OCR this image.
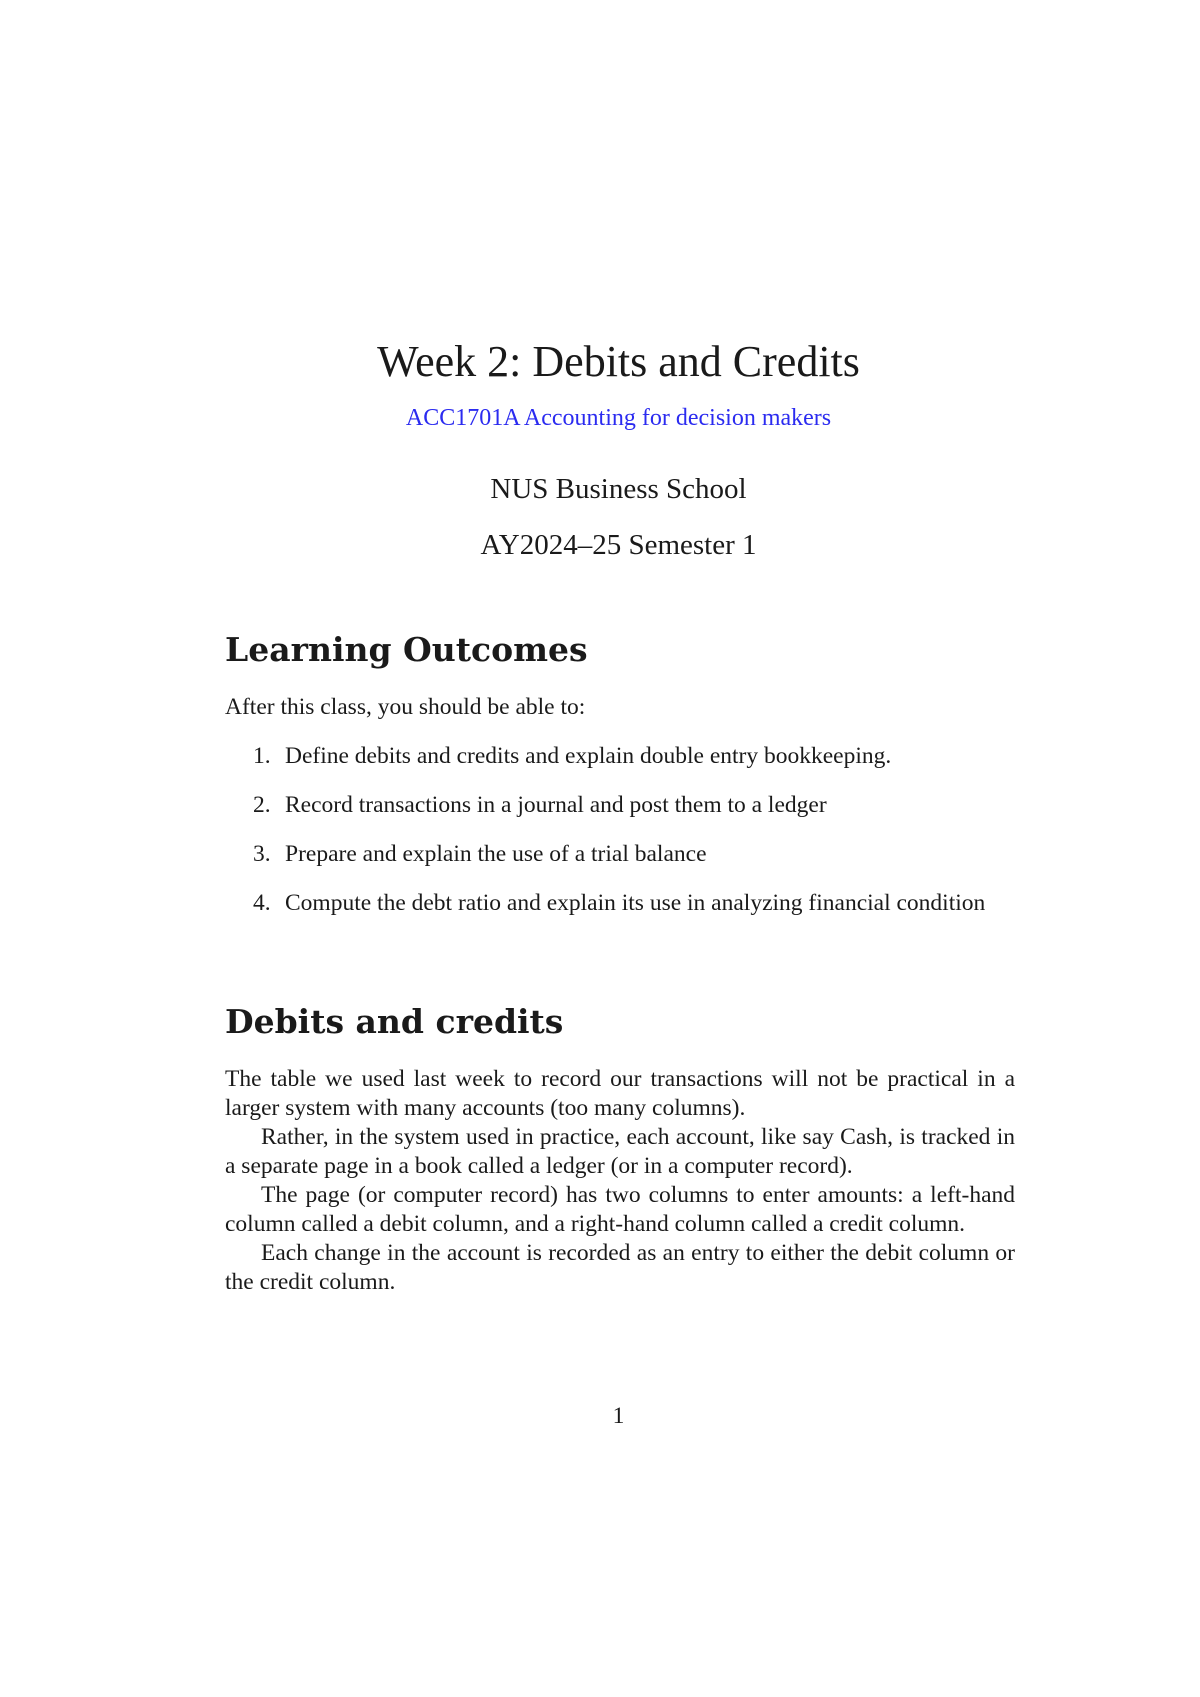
Week 2: Debits and Credits
ACC1701A Accounting for decision makers
NUS Business School
AY2024–25 Semester 1
Learning Outcomes

After this class, you should be able to:

1. Define debits and credits and explain double entry bookkeeping.
2. Record transactions in a journal and post them to a ledger
3. Prepare and explain the use of a trial balance
4. Compute the debt ratio and explain its use in analyzing financial condition
Debits and credits

The table we used last week to record our transactions will not be practical in a larger system with many accounts (too many columns).

Rather, in the system used in practice, each account, like say Cash, is tracked in a separate page in a book called a ledger (or in a computer record).

The page (or computer record) has two columns to enter amounts: a left-hand column called a debit column, and a right-hand column called a credit column.

Each change in the account is recorded as an entry to either the debit column or the credit column.

1
